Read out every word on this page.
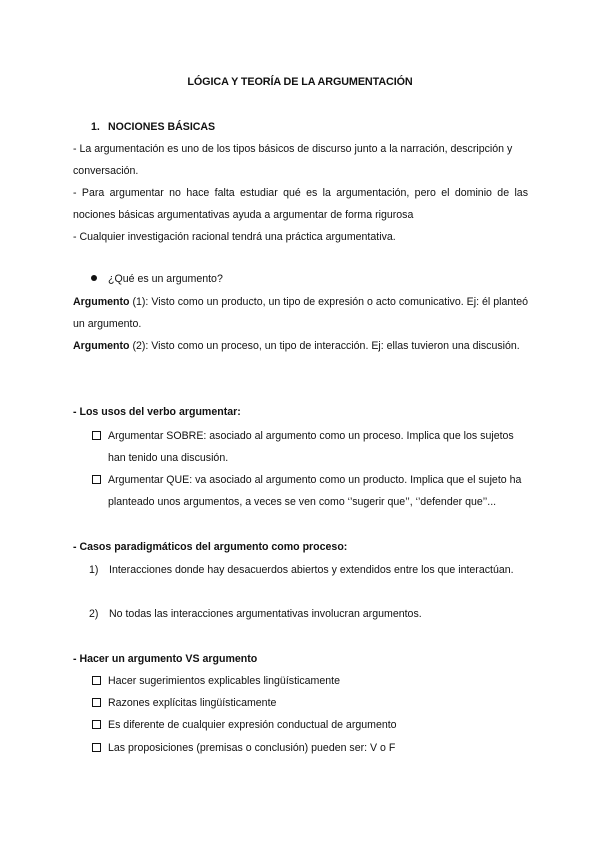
LÓGICA Y TEORÍA DE LA ARGUMENTACIÓN
1. NOCIONES BÁSICAS

- La argumentación es uno de los tipos básicos de discurso junto a la narración, descripción y conversación.

- Para argumentar no hace falta estudiar qué es la argumentación, pero el dominio de las nociones básicas argumentativas ayuda a argumentar de forma rigurosa

- Cualquier investigación racional tendrá una práctica argumentativa.

¿Qué es un argumento?

Argumento (1): Visto como un producto, un tipo de expresión o acto comunicativo. Ej: él planteó un argumento.

Argumento (2): Visto como un proceso, un tipo de interacción. Ej: ellas tuvieron una discusión.

- Los usos del verbo argumentar:
Argumentar SOBRE: asociado al argumento como un proceso. Implica que los sujetos han tenido una discusión.
Argumentar QUE: va asociado al argumento como un producto. Implica que el sujeto ha planteado unos argumentos, a veces se ven como ‘’sugerir que’’, ‘’defender que’’...
- Casos paradigmáticos del argumento como proceso:
1) Interacciones donde hay desacuerdos abiertos y extendidos entre los que interactúan.
2) No todas las interacciones argumentativas involucran argumentos.
- Hacer un argumento VS argumento
Hacer sugerimientos explicables lingüísticamente
Razones explícitas lingüísticamente
Es diferente de cualquier expresión conductual de argumento
Las proposiciones (premisas o conclusión) pueden ser: V o F
